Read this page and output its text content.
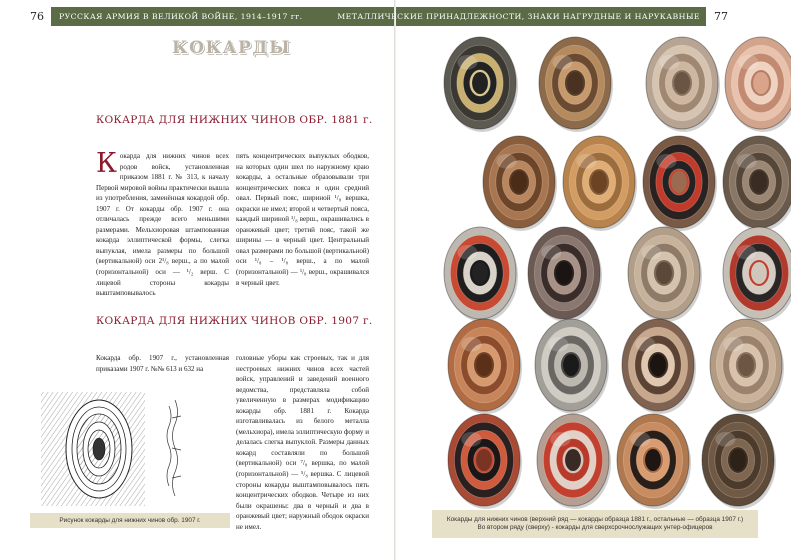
76	РУССКАЯ АРМИЯ В ВЕЛИКОЙ ВОЙНЕ, 1914–1917 гг.
КОКАРДЫ
КОКАРДА ДЛЯ НИЖНИХ ЧИНОВ ОБР. 1881 г.
Кокарда для нижних чинов всех родов войск, установленная приказом 1881 г. № 313, к началу Первой мировой войны практически вышла из употребления, заменённая кокардой обр. 1907 г. От кокарды обр. 1907 г. она отличалась прежде всего меньшими размерами. Мельхиоровая штампованная кокарда эллиптической формы, слегка выпуклая, имела размеры по большой (вертикальной) оси 2¹/₈ верш., а по малой (горизонтальной) оси — ¹/₂ верш. С лицевой стороны кокарды выштамповывалось
пять концентрических выпуклых ободков, на которых один шел по наружному краю кокарды, а остальные образовывали три концентрических пояса и один средний овал. Первый пояс, шириной ¹/₈ вершка, окраски не имел; второй и четвертый пояса, каждый шириной ¹/₈ верш., окрашивались в оранжевый цвет; третий пояс, такой же ширины — в черный цвет. Центральный овал размерами по большой (вертикальной) оси ¹/₈ – ¹/₈ верш., а по малой (горизонтальной) — ¹/₈ верш., окрашивался в черный цвет.
КОКАРДА ДЛЯ НИЖНИХ ЧИНОВ ОБР. 1907 г.
Кокарда обр. 1907 г., установленная приказами 1907 г. №№ 613 и 632 на
головные уборы как строевых, так и для нестроевых нижних чинов всех частей войск, управлений и заведений военного ведомства, представляла собой увеличенную в размерах модификацию кокарды обр. 1881 г. Кокарда изготавливалась из белого металла (мельхиора), имела эллиптическую форму и делалась слегка выпуклой. Размеры данных кокард составляли по большой (вертикальной) оси ⁷/₈ вершка, по малой (горизонтальной) — ⁵/₈ вершка. С лицевой стороны кокарды выштамповывалось пять концентрических ободков. Четыре из них были окрашены: два в черный и два в оранжевый цвет; наружный ободок окраски не имел.
Рисунок кокарды для нижних чинов обр. 1907 г.
МЕТАЛЛИЧЕСКИЕ ПРИНАДЛЕЖНОСТИ, ЗНАКИ НАГРУДНЫЕ И НАРУКАВНЫЕ 77
Кокарды для нижних чинов (верхний ряд — кокарды образца 1881 г., остальные — образца 1907 г.)
Во втором ряду (сверху) - кокарды для сверхсрочнослужащих унтер-офицеров
